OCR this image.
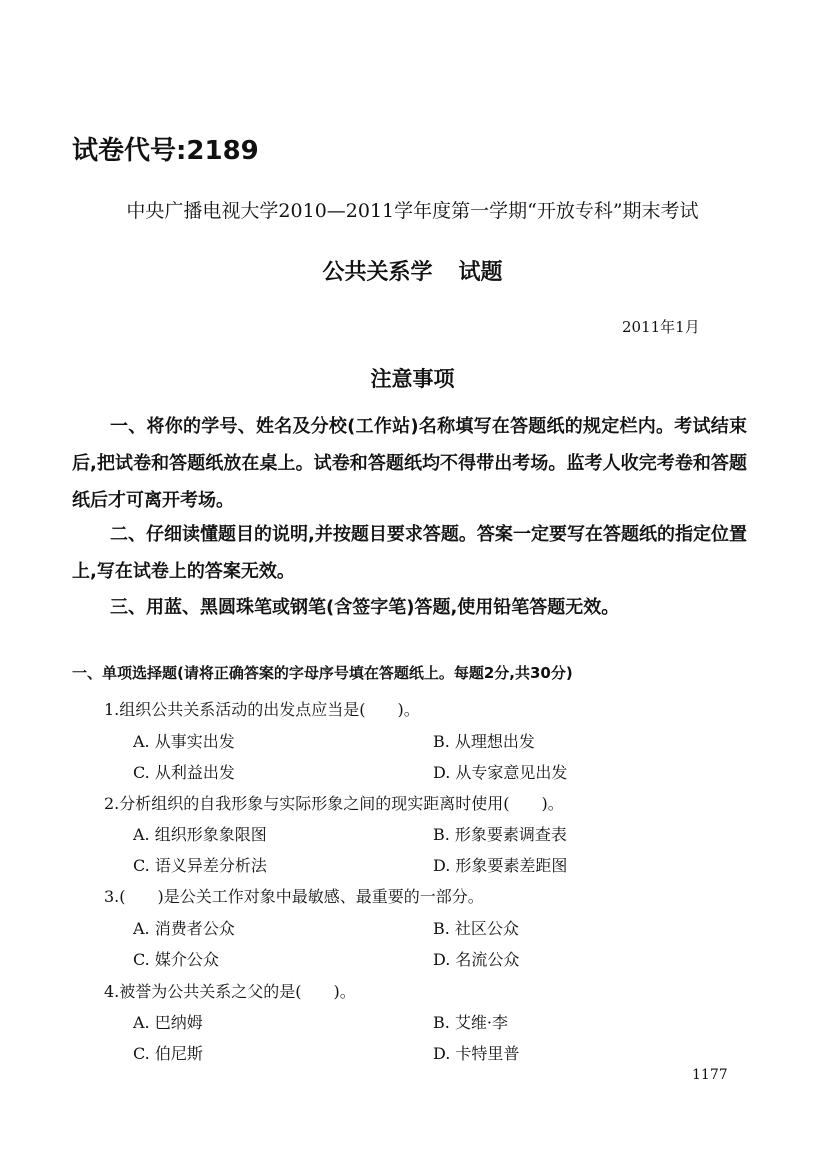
试卷代号:2189
中央广播电视大学2010—2011学年度第一学期“开放专科”期末考试
公共关系学 试题
2011年1月
注意事项
一、将你的学号、姓名及分校(工作站)名称填写在答题纸的规定栏内。考试结束后,把试卷和答题纸放在桌上。试卷和答题纸均不得带出考场。监考人收完考卷和答题纸后才可离开考场。
二、仔细读懂题目的说明,并按题目要求答题。答案一定要写在答题纸的指定位置上,写在试卷上的答案无效。
三、用蓝、黑圆珠笔或钢笔(含签字笔)答题,使用铅笔答题无效。
一、单项选择题(请将正确答案的字母序号填在答题纸上。每题2分,共30分)
1.组织公共关系活动的出发点应当是(　　)。
A. 从事实出发	B. 从理想出发
C. 从利益出发	D. 从专家意见出发
2.分析组织的自我形象与实际形象之间的现实距离时使用(　　)。
A. 组织形象象限图	B. 形象要素调查表
C. 语义异差分析法	D. 形象要素差距图
3.(　　)是公关工作对象中最敏感、最重要的一部分。
A. 消费者公众	B. 社区公众
C. 媒介公众	D. 名流公众
4.被誉为公共关系之父的是(　　)。
A. 巴纳姆	B. 艾维·李
C. 伯尼斯	D. 卡特里普
1177
